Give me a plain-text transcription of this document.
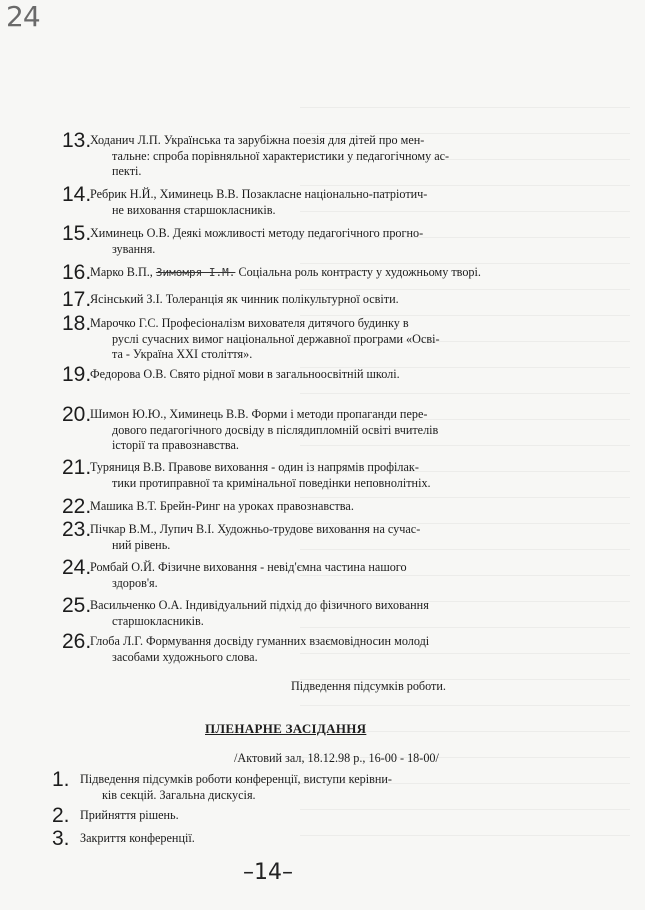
24
13.
Ходанич Л.П. Українська та зарубіжна поезія для дітей про мен-
тальне: спроба порівняльної характеристики у педагогічному ас-
пекті.
14.
Ребрик Н.Й., Химинець В.В. Позакласне національно-патріотич-
не виховання старшокласників.
15.
Химинець О.В. Деякі можливості методу педагогічного прогно-
зування.
16.
Марко В.П., Зимомря І.М. Соціальна роль контрасту у художньому творі.
17.
Ясінський З.І. Толеранція як чинник полікультурної освіти.
18.
Марочко Г.С. Професіоналізм вихователя дитячого будинку в
руслі сучасних вимог національної державної програми «Осві-
та - Україна XXI століття».
19.
Федорова О.В. Свято рідної мови в загальноосвітній школі.
20.
Шимон Ю.Ю., Химинець В.В. Форми і методи пропаганди пере-
дового педагогічного досвіду в післядипломній освіті вчителів
історії та правознавства.
21.
Туряниця В.В. Правове виховання - один із напрямів профілак-
тики протиправної та кримінальної поведінки неповнолітніх.
22.
Машика В.Т. Брейн-Ринг на уроках правознавства.
23.
Пічкар В.М., Лупич В.І. Художньо-трудове виховання на сучас-
ний рівень.
24.
Ромбай О.Й. Фізичне виховання - невід'ємна частина нашого
здоров'я.
25.
Васильченко О.А. Індивідуальний підхід до фізичного виховання
старшокласників.
26.
Глоба Л.Г. Формування досвіду гуманних взаємовідносин молоді
засобами художнього слова.
Підведення підсумків роботи.
ПЛЕНАРНЕ ЗАСІДАННЯ
/Актовий зал, 18.12.98 р., 16-00 - 18-00/
1. Підведення підсумків роботи конференції, виступи керівни-
ків секцій. Загальна дискусія.
2. Прийняття рішень.
3. Закриття конференції.
–14–
